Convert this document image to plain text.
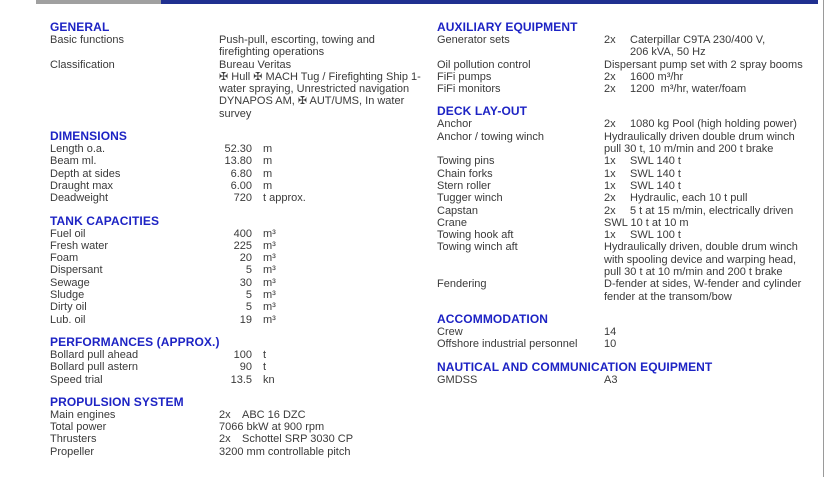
GENERAL
Basic functions	Push-pull, escorting, towing and
firefighting operations
Classification	Bureau Veritas
✠ Hull ✠ MACH Tug / Firefighting Ship 1-
water spraying, Unrestricted navigation
DYNAPOS AM, ✠ AUT/UMS, In water
survey
DIMENSIONS
Length o.a.	52.30 m
Beam ml.	13.80 m
Depth at sides	6.80 m
Draught max	6.00 m
Deadweight	720 t approx.
TANK CAPACITIES
Fuel oil	400 m³
Fresh water	225 m³
Foam	20 m³
Dispersant	5 m³
Sewage	30 m³
Sludge	5 m³
Dirty oil	5 m³
Lub. oil	19 m³
PERFORMANCES (APPROX.)
Bollard pull ahead	100 t
Bollard pull astern	90 t
Speed trial	13.5 kn
PROPULSION SYSTEM
Main engines	2x	ABC 16 DZC
Total power	7066 bkW at 900 rpm
Thrusters	2x	Schottel SRP 3030 CP
Propeller	3200 mm controllable pitch
AUXILIARY EQUIPMENT
Generator sets	2x	Caterpillar C9TA 230/400 V,
206 kVA, 50 Hz
Oil pollution control	Dispersant pump set with 2 spray booms
FiFi pumps	2x	1600 m³/hr
FiFi monitors	2x	1200  m³/hr, water/foam
DECK LAY-OUT
Anchor	2x	1080 kg Pool (high holding power)
Anchor / towing winch	Hydraulically driven double drum winch
pull 30 t, 10 m/min and 200 t brake
Towing pins	1x	SWL 140 t
Chain forks	1x	SWL 140 t
Stern roller	1x	SWL 140 t
Tugger winch	2x	Hydraulic, each 10 t pull
Capstan	2x	5 t at 15 m/min, electrically driven
Crane	SWL 10 t at 10 m
Towing hook aft	1x	SWL 100 t
Towing winch aft	Hydraulically driven, double drum winch
with spooling device and warping head,
pull 30 t at 10 m/min and 200 t brake
Fendering	D-fender at sides, W-fender and cylinder
fender at the transom/bow
ACCOMMODATION
Crew	14
Offshore industrial personnel	10
NAUTICAL AND COMMUNICATION EQUIPMENT
GMDSS	A3
